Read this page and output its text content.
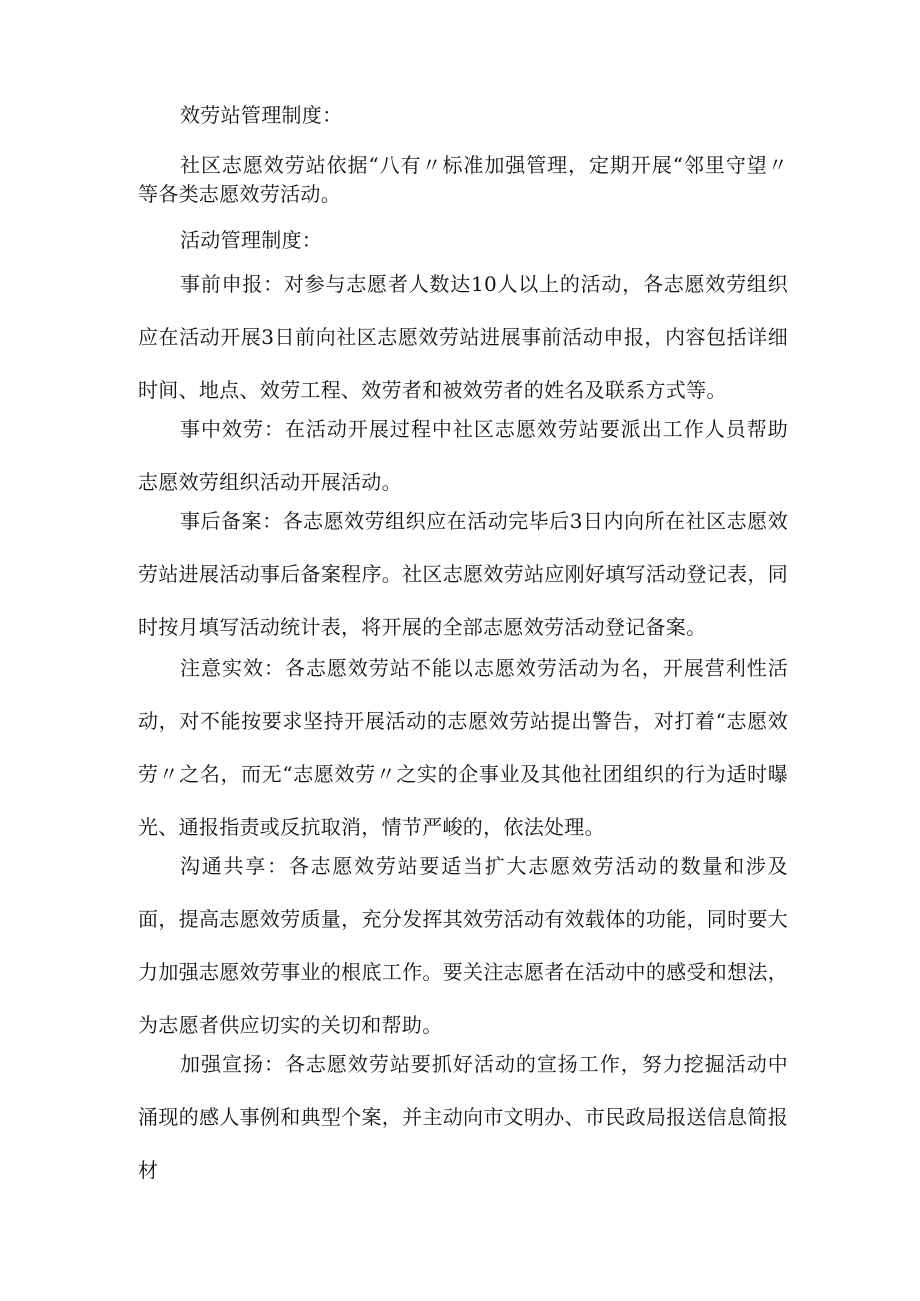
效劳站管理制度：

社区志愿效劳站依据“八有〃标准加强管理，定期开展“邻里守望〃等各类志愿效劳活动。

活动管理制度：

事前申报：对参与志愿者人数达10人以上的活动，各志愿效劳组织应在活动开展3日前向社区志愿效劳站进展事前活动申报，内容包括详细时间、地点、效劳工程、效劳者和被效劳者的姓名及联系方式等。

事中效劳：在活动开展过程中社区志愿效劳站要派出工作人员帮助志愿效劳组织活动开展活动。

事后备案：各志愿效劳组织应在活动完毕后3日内向所在社区志愿效劳站进展活动事后备案程序。社区志愿效劳站应刚好填写活动登记表，同时按月填写活动统计表，将开展的全部志愿效劳活动登记备案。

注意实效：各志愿效劳站不能以志愿效劳活动为名，开展营利性活动，对不能按要求坚持开展活动的志愿效劳站提出警告，对打着“志愿效劳〃之名，而无“志愿效劳〃之实的企事业及其他社团组织的行为适时曝光、通报指责或反抗取消，情节严峻的，依法处理。

沟通共享：各志愿效劳站要适当扩大志愿效劳活动的数量和涉及面，提高志愿效劳质量，充分发挥其效劳活动有效载体的功能，同时要大力加强志愿效劳事业的根底工作。要关注志愿者在活动中的感受和想法，为志愿者供应切实的关切和帮助。

加强宣扬：各志愿效劳站要抓好活动的宣扬工作，努力挖掘活动中涌现的感人事例和典型个案，并主动向市文明办、市民政局报送信息简报材
